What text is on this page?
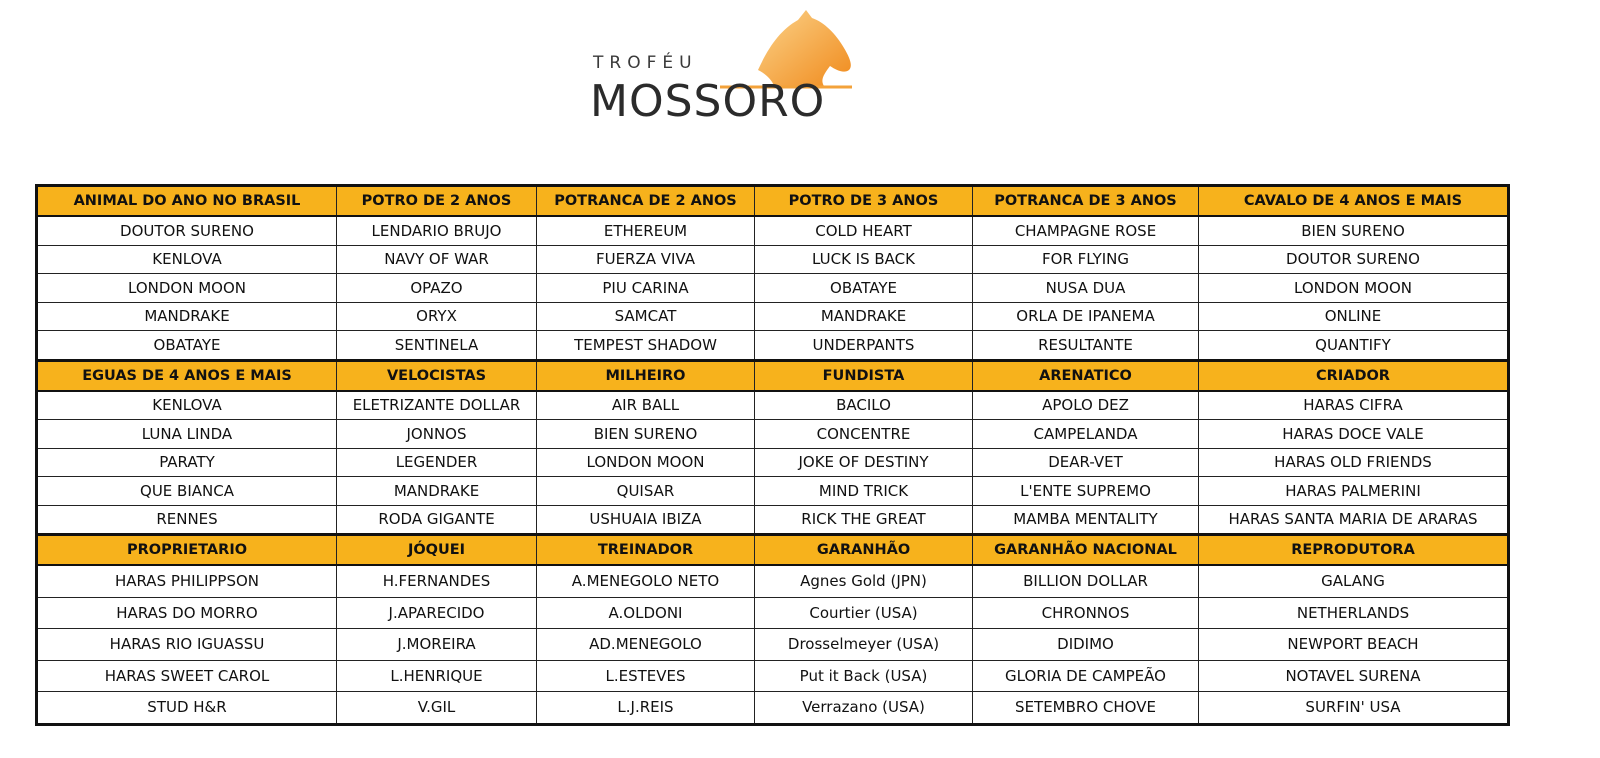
TROFÉU
MOSSORO
ANIMAL DO ANO NO BRASIL	POTRO DE 2 ANOS	POTRANCA DE 2 ANOS	POTRO DE 3 ANOS	POTRANCA DE 3 ANOS	CAVALO DE 4 ANOS E MAIS
DOUTOR SURENO	LENDARIO BRUJO	ETHEREUM	COLD HEART	CHAMPAGNE ROSE	BIEN SURENO
KENLOVA	NAVY OF WAR	FUERZA VIVA	LUCK IS BACK	FOR FLYING	DOUTOR SURENO
LONDON MOON	OPAZO	PIU CARINA	OBATAYE	NUSA DUA	LONDON MOON
MANDRAKE	ORYX	SAMCAT	MANDRAKE	ORLA DE IPANEMA	ONLINE
OBATAYE	SENTINELA	TEMPEST SHADOW	UNDERPANTS	RESULTANTE	QUANTIFY
EGUAS DE 4 ANOS E MAIS	VELOCISTAS	MILHEIRO	FUNDISTA	ARENATICO	CRIADOR
KENLOVA	ELETRIZANTE DOLLAR	AIR BALL	BACILO	APOLO DEZ	HARAS CIFRA
LUNA LINDA	JONNOS	BIEN SURENO	CONCENTRE	CAMPELANDA	HARAS DOCE VALE
PARATY	LEGENDER	LONDON MOON	JOKE OF DESTINY	DEAR-VET	HARAS OLD FRIENDS
QUE BIANCA	MANDRAKE	QUISAR	MIND TRICK	L'ENTE SUPREMO	HARAS PALMERINI
RENNES	RODA GIGANTE	USHUAIA IBIZA	RICK THE GREAT	MAMBA MENTALITY	HARAS SANTA MARIA DE ARARAS
PROPRIETARIO	JÓQUEI	TREINADOR	GARANHÃO	GARANHÃO NACIONAL	REPRODUTORA
HARAS PHILIPPSON	H.FERNANDES	A.MENEGOLO NETO	Agnes Gold (JPN)	BILLION DOLLAR	GALANG
HARAS DO MORRO	J.APARECIDO	A.OLDONI	Courtier (USA)	CHRONNOS	NETHERLANDS
HARAS RIO IGUASSU	J.MOREIRA	AD.MENEGOLO	Drosselmeyer (USA)	DIDIMO	NEWPORT BEACH
HARAS SWEET CAROL	L.HENRIQUE	L.ESTEVES	Put it Back (USA)	GLORIA DE CAMPEÃO	NOTAVEL SURENA
STUD H&R	V.GIL	L.J.REIS	Verrazano (USA)	SETEMBRO CHOVE	SURFIN' USA
